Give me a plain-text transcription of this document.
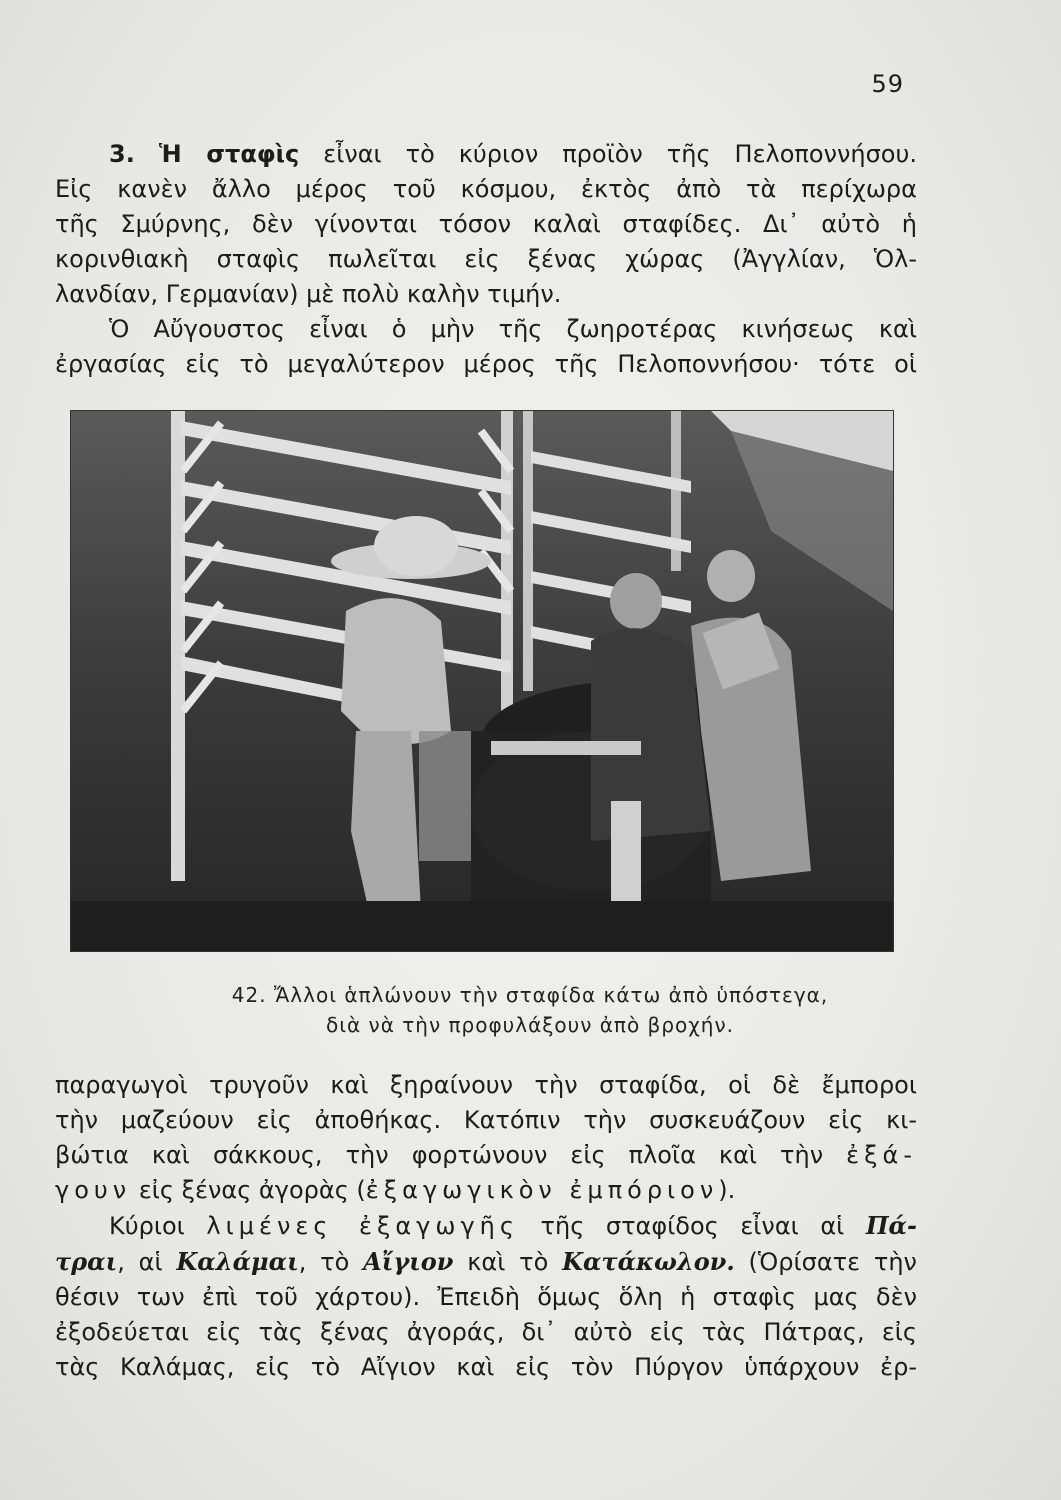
59

3. Ἡ σταφὶς εἶναι τὸ κύριον προϊὸν τῆς Πελοποννήσου.

Εἰς κανὲν ἄλλο μέρος τοῦ κόσμου, ἐκτὸς ἀπὸ τὰ περίχωρα

τῆς Σμύρνης, δὲν γίνονται τόσον καλαὶ σταφίδες. Δι᾽ αὐτὸ ἡ

κορινθιακὴ σταφὶς πωλεῖται εἰς ξένας χώρας (Ἀγγλίαν, Ὁλ-

λανδίαν, Γερμανίαν) μὲ πολὺ καλὴν τιμήν.

Ὁ Αὔγουστος εἶναι ὁ μὴν τῆς ζωηροτέρας κινήσεως καὶ

ἐργασίας εἰς τὸ μεγαλύτερον μέρος τῆς Πελοποννήσου· τότε οἱ

42. Ἄλλοι ἁπλώνουν τὴν σταφίδα κάτω ἀπὸ ὑπόστεγα,
διὰ νὰ τὴν προφυλάξουν ἀπὸ βροχήν.

παραγωγοὶ τρυγοῦν καὶ ξηραίνουν τὴν σταφίδα, οἱ δὲ ἔμποροι

τὴν μαζεύουν εἰς ἀποθήκας. Κατόπιν τὴν συσκευάζουν εἰς κι-

βώτια καὶ σάκκους, τὴν φορτώνουν εἰς πλοῖα καὶ τὴν ἐξά-

γουν εἰς ξένας ἀγορὰς (ἐξαγωγικὸν ἐμπόριον).

Κύριοι λιμένες ἐξαγωγῆς τῆς σταφίδος εἶναι αἱ Πά-

τραι, αἱ Καλάμαι, τὸ Αἴγιον καὶ τὸ Κατάκωλον. (Ὁρίσατε τὴν

θέσιν των ἐπὶ τοῦ χάρτου). Ἐπειδὴ ὅμως ὅλη ἡ σταφὶς μας δὲν

ἐξοδεύεται εἰς τὰς ξένας ἀγοράς, δι᾽ αὐτὸ εἰς τὰς Πάτρας, εἰς

τὰς Καλάμας, εἰς τὸ Αἴγιον καὶ εἰς τὸν Πύργον ὑπάρχουν ἐρ-
